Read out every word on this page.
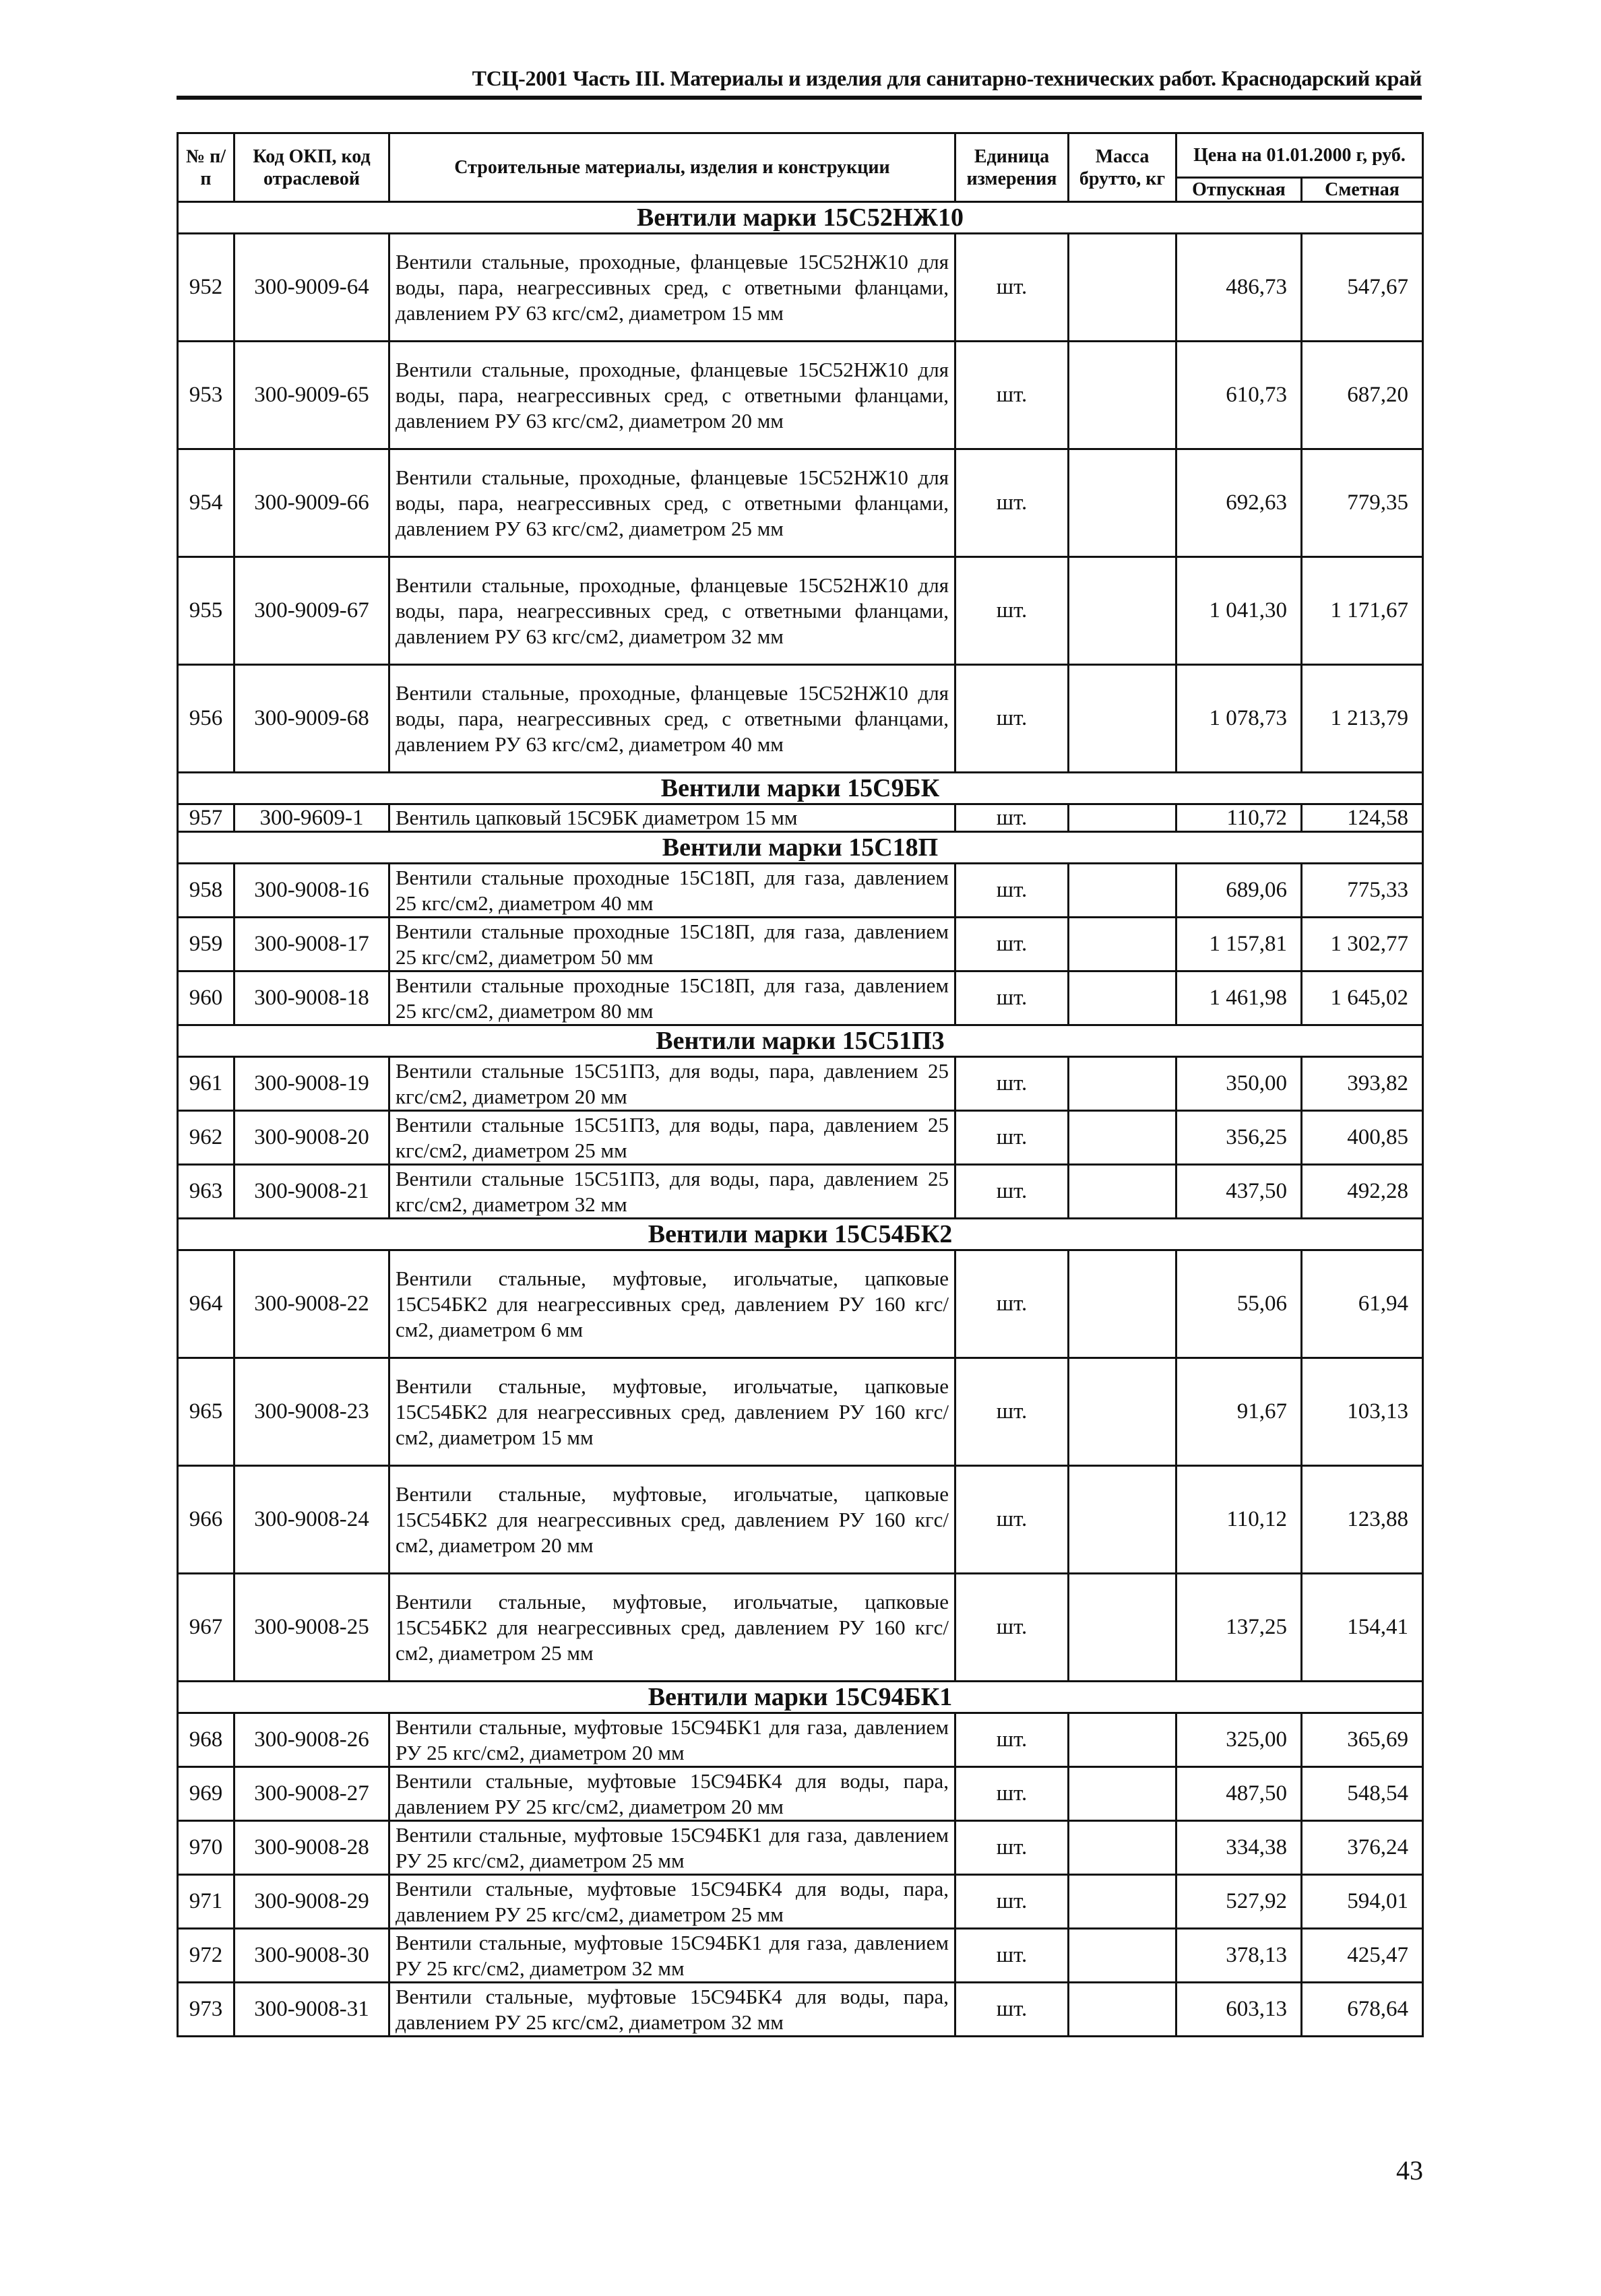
ТСЦ-2001 Часть III. Материалы и изделия для санитарно-технических работ. Краснодарский край
№ п/п	Код ОКП, код отраслевой	Строительные материалы, изделия и конструкции	Единица измерения	Масса брутто, кг	Цена на 01.01.2000 г, руб.	
					Отпускная	Сметная
Вентили марки 15С52НЖ10						
952	300-9009-64	Вентили стальные, проходные, фланцевые 15С52НЖ10 для воды, пара, неагрессивных сред, с ответными фланцами, давлением РУ 63 кгс/см2, диаметром 15 мм	шт.		486,73	547,67
953	300-9009-65	Вентили стальные, проходные, фланцевые 15С52НЖ10 для воды, пара, неагрессивных сред, с ответными фланцами, давлением РУ 63 кгс/см2, диаметром 20 мм	шт.		610,73	687,20
954	300-9009-66	Вентили стальные, проходные, фланцевые 15С52НЖ10 для воды, пара, неагрессивных сред, с ответными фланцами, давлением РУ 63 кгс/см2, диаметром 25 мм	шт.		692,63	779,35
955	300-9009-67	Вентили стальные, проходные, фланцевые 15С52НЖ10 для воды, пара, неагрессивных сред, с ответными фланцами, давлением РУ 63 кгс/см2, диаметром 32 мм	шт.		1 041,30	1 171,67
956	300-9009-68	Вентили стальные, проходные, фланцевые 15С52НЖ10 для воды, пара, неагрессивных сред, с ответными фланцами, давлением РУ 63 кгс/см2, диаметром 40 мм	шт.		1 078,73	1 213,79
Вентили марки 15С9БК						
957	300-9609-1	Вентиль цапковый 15С9БК диаметром 15 мм	шт.		110,72	124,58
Вентили марки 15С18П						
958	300-9008-16	Вентили стальные проходные 15С18П, для газа, давлением 25 кгс/см2, диаметром 40 мм	шт.		689,06	775,33
959	300-9008-17	Вентили стальные проходные 15С18П, для газа, давлением 25 кгс/см2, диаметром 50 мм	шт.		1 157,81	1 302,77
960	300-9008-18	Вентили стальные проходные 15С18П, для газа, давлением 25 кгс/см2, диаметром 80 мм	шт.		1 461,98	1 645,02
Вентили марки 15С51П3						
961	300-9008-19	Вентили стальные 15С51П3, для воды, пара, давлением 25 кгс/см2, диаметром 20 мм	шт.		350,00	393,82
962	300-9008-20	Вентили стальные 15С51П3, для воды, пара, давлением 25 кгс/см2, диаметром 25 мм	шт.		356,25	400,85
963	300-9008-21	Вентили стальные 15С51П3, для воды, пара, давлением 25 кгс/см2, диаметром 32 мм	шт.		437,50	492,28
Вентили марки 15С54БК2						
964	300-9008-22	Вентили стальные, муфтовые, игольчатые, цапковые 15С54БК2 для неагрессивных сред, давлением РУ 160 кгс/см2, диаметром 6 мм	шт.		55,06	61,94
965	300-9008-23	Вентили стальные, муфтовые, игольчатые, цапковые 15С54БК2 для неагрессивных сред, давлением РУ 160 кгс/см2, диаметром 15 мм	шт.		91,67	103,13
966	300-9008-24	Вентили стальные, муфтовые, игольчатые, цапковые 15С54БК2 для неагрессивных сред, давлением РУ 160 кгс/см2, диаметром 20 мм	шт.		110,12	123,88
967	300-9008-25	Вентили стальные, муфтовые, игольчатые, цапковые 15С54БК2 для неагрессивных сред, давлением РУ 160 кгс/см2, диаметром 25 мм	шт.		137,25	154,41
Вентили марки 15С94БК1						
968	300-9008-26	Вентили стальные, муфтовые 15С94БК1 для газа, давлением РУ 25 кгс/см2, диаметром 20 мм	шт.		325,00	365,69
969	300-9008-27	Вентили стальные, муфтовые 15С94БК4 для воды, пара, давлением РУ 25 кгс/см2, диаметром 20 мм	шт.		487,50	548,54
970	300-9008-28	Вентили стальные, муфтовые 15С94БК1 для газа, давлением РУ 25 кгс/см2, диаметром 25 мм	шт.		334,38	376,24
971	300-9008-29	Вентили стальные, муфтовые 15С94БК4 для воды, пара, давлением РУ 25 кгс/см2, диаметром 25 мм	шт.		527,92	594,01
972	300-9008-30	Вентили стальные, муфтовые 15С94БК1 для газа, давлением РУ 25 кгс/см2, диаметром 32 мм	шт.		378,13	425,47
973	300-9008-31	Вентили стальные, муфтовые 15С94БК4 для воды, пара, давлением РУ 25 кгс/см2, диаметром 32 мм	шт.		603,13	678,64
43
